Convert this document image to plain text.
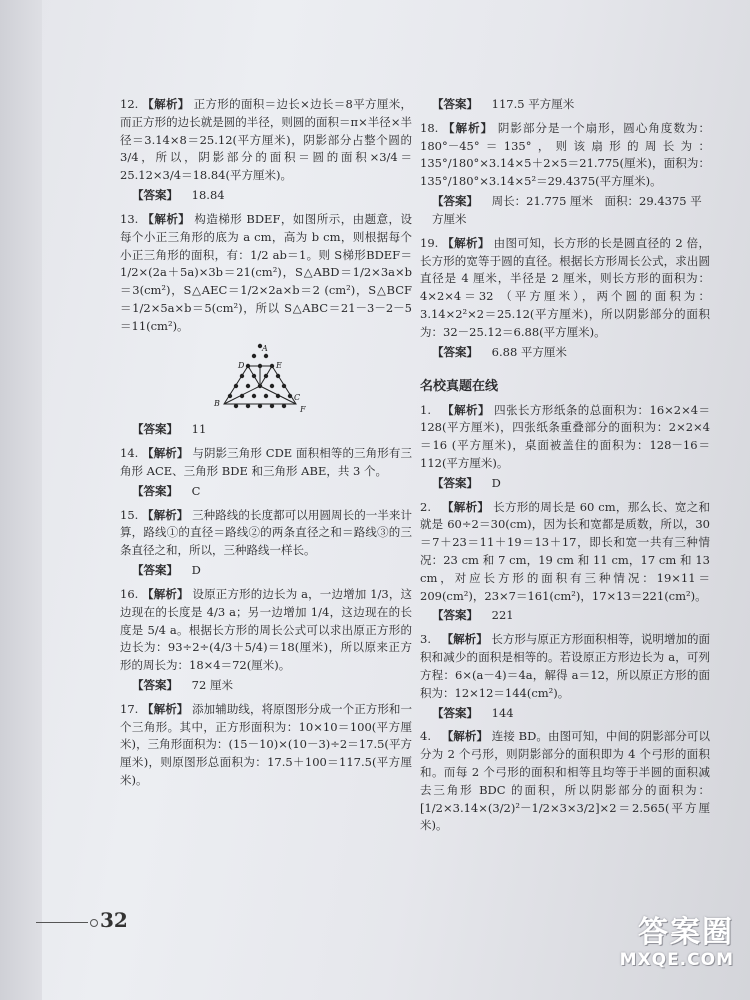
12. 【解析】 正方形的面积＝边长×边长＝8平方厘米，而正方形的边长就是圆的半径，则圆的面积＝π×半径×半径＝3.14×8＝25.12(平方厘米)，阴影部分占整个圆的 3/4，所以，阴影部分的面积＝圆的面积×3/4＝25.12×3/4＝18.84(平方厘米)。

【答案】 18.84

13. 【解析】 构造梯形 BDEF，如图所示，由题意，设每个小正三角形的底为 a cm，高为 b cm，则根据每个小正三角形的面积，有：1/2 ab＝1。则 S梯形BDEF＝1/2×(2a＋5a)×3b＝21(cm²)，S△ABD＝1/2×3a×b＝3(cm²)，S△AEC＝1/2×2a×b＝2 (cm²)，S△BCF＝1/2×5a×b＝5(cm²)，所以 S△ABC＝21－3－2－5＝11(cm²)。

A
D	E
B
C
F
【答案】 11

14. 【解析】 与阴影三角形 CDE 面积相等的三角形有三角形 ACE、三角形 BDE 和三角形 ABE，共 3 个。

【答案】 C

15. 【解析】 三种路线的长度都可以用圆周长的一半来计算，路线①的直径＝路线②的两条直径之和＝路线③的三条直径之和，所以，三种路线一样长。

【答案】 D

16. 【解析】 设原正方形的边长为 a，一边增加 1/3，这边现在的长度是 4/3 a；另一边增加 1/4，这边现在的长度是 5/4 a。根据长方形的周长公式可以求出原正方形的边长为：93÷2÷(4/3＋5/4)＝18(厘米)，所以原来正方形的周长为：18×4＝72(厘米)。

【答案】 72 厘米

17. 【解析】 添加辅助线，将原图形分成一个正方形和一个三角形。其中，正方形面积为：10×10＝100(平方厘米)，三角形面积为：(15－10)×(10－3)÷2＝17.5(平方厘米)，则原图形总面积为：17.5＋100＝117.5(平方厘米)。

【答案】 117.5 平方厘米

18. 【解析】 阴影部分是一个扇形，圆心角度数为：180°－45°＝135°，则该扇形的周长为：135°/180°×3.14×5＋2×5＝21.775(厘米)，面积为：135°/180°×3.14×5²＝29.4375(平方厘米)。

【答案】 周长：21.775 厘米　面积：29.4375 平方厘米

19. 【解析】 由图可知，长方形的长是圆直径的 2 倍，长方形的宽等于圆的直径。根据长方形周长公式，求出圆直径是 4 厘米，半径是 2 厘米，则长方形的面积为：4×2×4＝32 （平方厘米），两个圆的面积为：3.14×2²×2＝25.12(平方厘米)，所以阴影部分的面积为：32－25.12＝6.88(平方厘米)。

【答案】 6.88 平方厘米
名校真题在线

1. 【解析】 四张长方形纸条的总面积为：16×2×4＝128(平方厘米)，四张纸条重叠部分的面积为：2×2×4＝16 (平方厘米)，桌面被盖住的面积为：128－16＝112(平方厘米)。

【答案】 D

2. 【解析】 长方形的周长是 60 cm，那么长、宽之和就是 60÷2＝30(cm)，因为长和宽都是质数，所以，30＝7＋23＝11＋19＝13＋17，即长和宽一共有三种情况：23 cm 和 7 cm，19 cm 和 11 cm，17 cm 和 13 cm，对应长方形的面积有三种情况：19×11＝209(cm²)，23×7＝161(cm²)，17×13＝221(cm²)。

【答案】 221

3. 【解析】 长方形与原正方形面积相等，说明增加的面积和减少的面积是相等的。若设原正方形边长为 a，可列方程：6×(a－4)＝4a，解得 a＝12，所以原正方形的面积为：12×12＝144(cm²)。

【答案】 144

4. 【解析】 连接 BD。由图可知，中间的阴影部分可以分为 2 个弓形，则阴影部分的面积即为 4 个弓形的面积和。而每 2 个弓形的面积和相等且均等于半圆的面积减去三角形 BDC 的面积，所以阴影部分的面积为：[1/2×3.14×(3/2)²－1/2×3×3/2]×2＝2.565(平方厘米)。

32	答案圈
MXQE.COM
